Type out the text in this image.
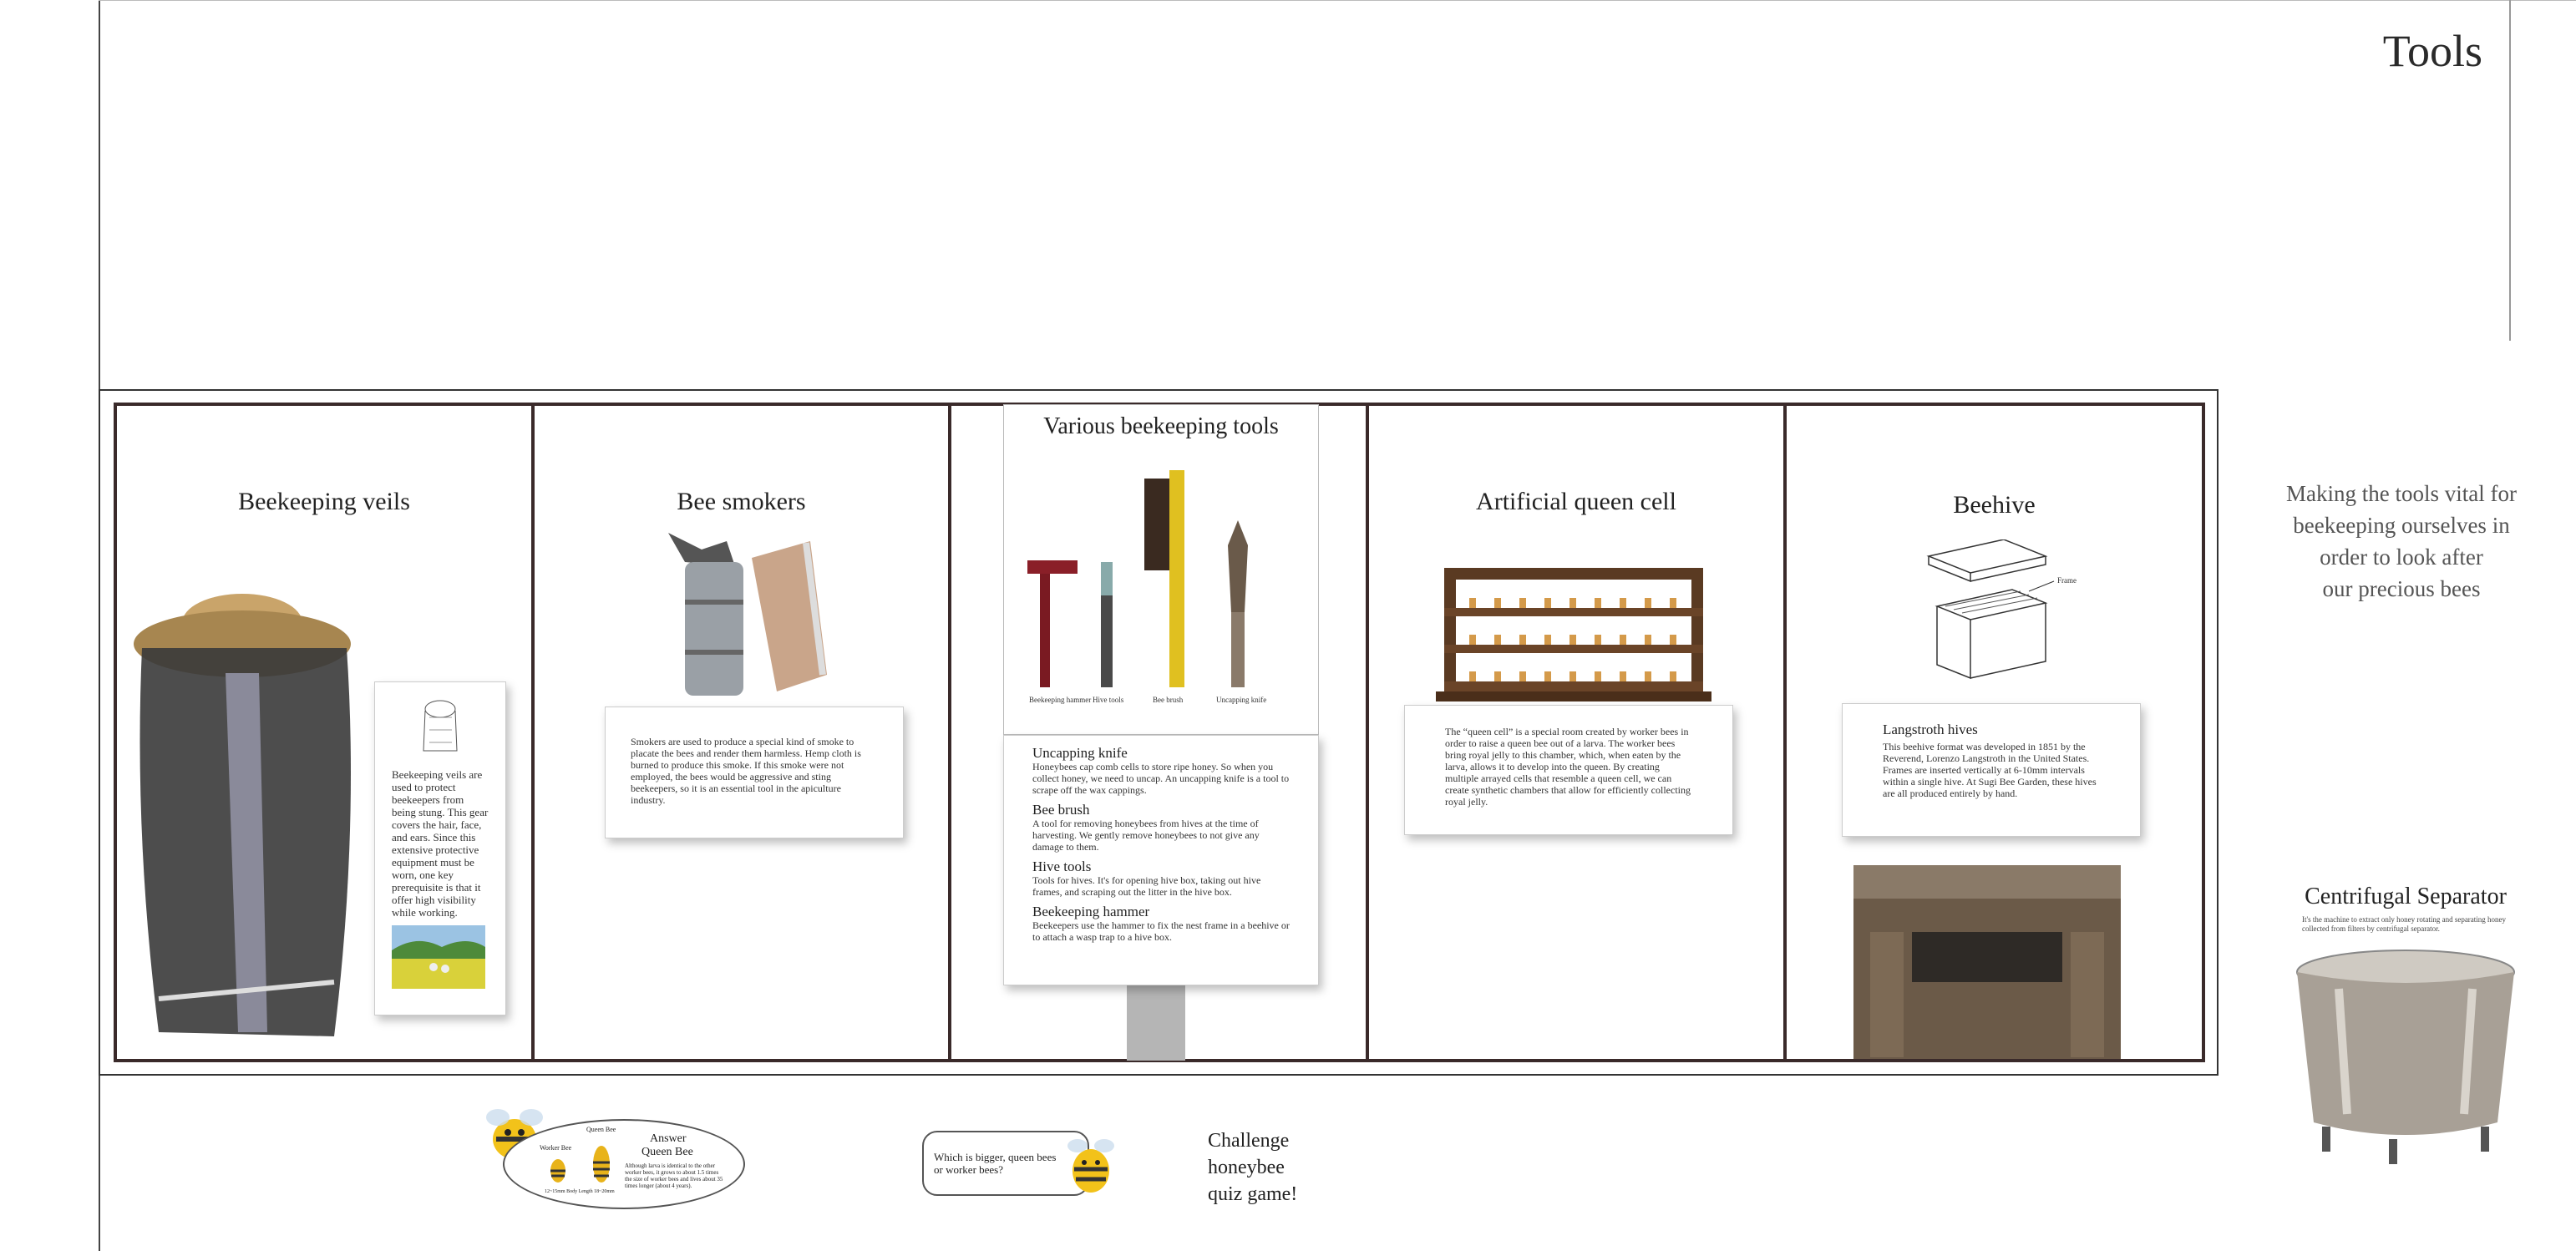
Tools
Beekeeping veils
Beekeeping veils are used to protect beekeepers from being stung. This gear covers the hair, face, and ears. Since this extensive protective equipment must be worn, one key prerequisite is that it offer high visibility while working.
Bee smokers
Smokers are used to produce a special kind of smoke to placate the bees and render them harmless. Hemp cloth is burned to produce this smoke. If this smoke were not employed, the bees would be aggressive and sting beekeepers, so it is an essential tool in the apiculture industry.
Various beekeeping tools
Beekeeping hammer Hive tools	Bee brush	Uncapping knife
Uncapping knife
Honeybees cap comb cells to store ripe honey. So when you collect honey, we need to uncap. An uncapping knife is a tool to scrape off the wax cappings.
Bee brush
A tool for removing honeybees from hives at the time of harvesting. We gently remove honeybees to not give any damage to them.
Hive tools
Tools for hives. It's for opening hive box, taking out hive frames, and scraping out the litter in the hive box.
Beekeeping hammer
Beekeepers use the hammer to fix the nest frame in a beehive or to attach a wasp trap to a hive box.
Artificial queen cell
The “queen cell” is a special room created by worker bees in order to raise a queen bee out of a larva. The worker bees bring royal jelly to this chamber, which, when eaten by the larva, allows it to develop into the queen. By creating multiple arrayed cells that resemble a queen cell, we can create synthetic chambers that allow for efficiently collecting royal jelly.
Beehive
Frame
Langstroth hives
This beehive format was developed in 1851 by the Reverend, Lorenzo Langstroth in the United States. Frames are inserted vertically at 6-10mm intervals within a single hive. At Sugi Bee Garden, these hives are all produced entirely by hand.
Making the tools vital for
beekeeping ourselves in
order to look after
our precious bees
Centrifugal Separator
It's the machine to extract only honey rotating and separating honey collected from filters by centrifugal separator.
Worker Bee
Queen Bee
Answer
Queen Bee
Although larva is identical to the other worker bees, it grows to about 1.5 times the size of worker bees and lives about 35 times longer (about 4 years).
12~15mm Body Length 18~20mm
Which is bigger, queen bees or worker bees?
Challenge
honeybee
quiz game!
